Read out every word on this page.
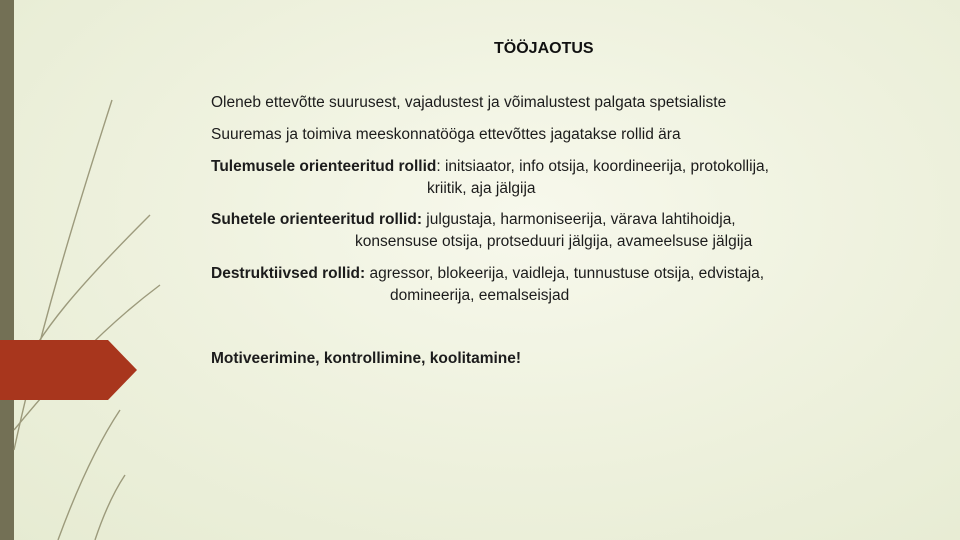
TÖÖJAOTUS
Oleneb ettevõtte suurusest, vajadustest ja võimalustest palgata spetsialiste
Suuremas ja toimiva meeskonnatööga ettevõttes jagatakse rollid ära
Tulemusele orienteeritud rollid: initsiaator, info otsija, koordineerija, protokollija,
kriitik, aja jälgija
Suhetele orienteeritud rollid: julgustaja, harmoniseerija, värava lahtihoidja,
konsensuse otsija, protseduuri jälgija, avameelsuse jälgija
Destruktiivsed rollid: agressor, blokeerija, vaidleja, tunnustuse otsija, edvistaja,
domineerija, eemalseisjad
Motiveerimine, kontrollimine, koolitamine!
